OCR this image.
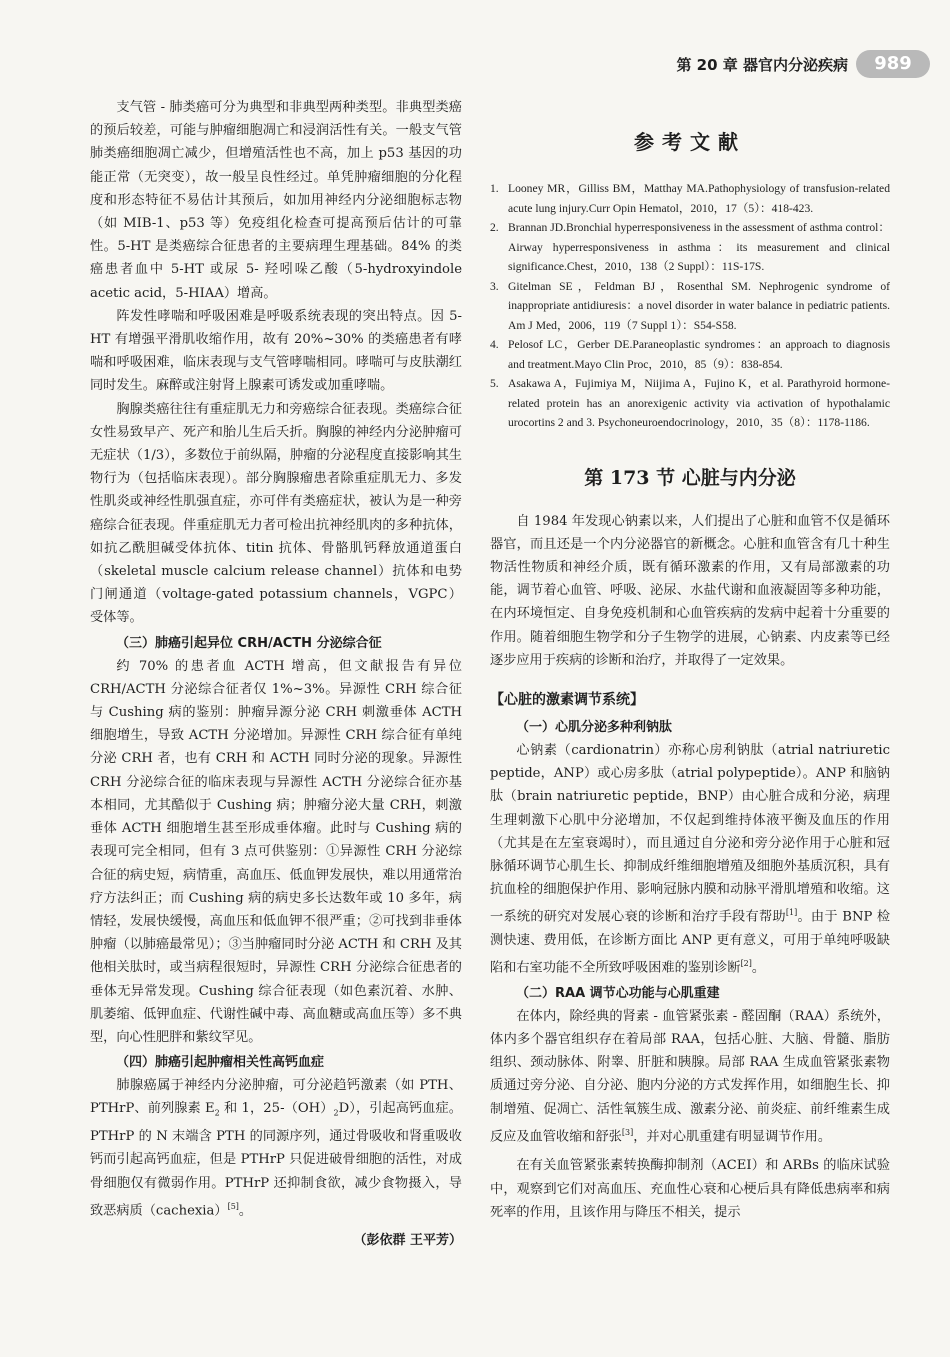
第 20 章 器官内分泌疾病	989

支气管 - 肺类癌可分为典型和非典型两种类型。非典型类癌的预后较差，可能与肿瘤细胞凋亡和浸润活性有关。一般支气管肺类癌细胞凋亡减少，但增殖活性也不高，加上 p53 基因的功能正常（无突变），故一般呈良性经过。单凭肿瘤细胞的分化程度和形态特征不易估计其预后，如加用神经内分泌细胞标志物（如 MIB-1、p53 等）免疫组化检查可提高预后估计的可靠性。5-HT 是类癌综合征患者的主要病理生理基础。84% 的类癌患者血中 5-HT 或尿 5- 羟吲哚乙酸（5-hydroxyindole acetic acid，5-HIAA）增高。

阵发性哮喘和呼吸困难是呼吸系统表现的突出特点。因 5-HT 有增强平滑肌收缩作用，故有 20%~30% 的类癌患者有哮喘和呼吸困难，临床表现与支气管哮喘相同。哮喘可与皮肤潮红同时发生。麻醉或注射肾上腺素可诱发或加重哮喘。

胸腺类癌往往有重症肌无力和旁癌综合征表现。类癌综合征女性易致早产、死产和胎儿生后夭折。胸腺的神经内分泌肿瘤可无症状（1/3），多数位于前纵隔，肿瘤的分泌程度直接影响其生物行为（包括临床表现）。部分胸腺瘤患者除重症肌无力、多发性肌炎或神经性肌强直症，亦可伴有类癌症状，被认为是一种旁癌综合征表现。伴重症肌无力者可检出抗神经肌肉的多种抗体，如抗乙酰胆碱受体抗体、titin 抗体、骨骼肌钙释放通道蛋白（skeletal muscle calcium release channel）抗体和电势门闸通道（voltage-gated potassium channels，VGPC）受体等。

（三）肺癌引起异位 CRH/ACTH 分泌综合征

约 70% 的患者血 ACTH 增高，但文献报告有异位 CRH/ACTH 分泌综合征者仅 1%~3%。异源性 CRH 综合征与 Cushing 病的鉴别：肿瘤异源分泌 CRH 刺激垂体 ACTH 细胞增生，导致 ACTH 分泌增加。异源性 CRH 综合征有单纯分泌 CRH 者，也有 CRH 和 ACTH 同时分泌的现象。异源性 CRH 分泌综合征的临床表现与异源性 ACTH 分泌综合征亦基本相同，尤其酷似于 Cushing 病；肿瘤分泌大量 CRH，刺激垂体 ACTH 细胞增生甚至形成垂体瘤。此时与 Cushing 病的表现可完全相同，但有 3 点可供鉴别：①异源性 CRH 分泌综合征的病史短，病情重，高血压、低血钾发展快，难以用通常治疗方法纠正；而 Cushing 病的病史多长达数年或 10 多年，病情轻，发展快缓慢，高血压和低血钾不很严重；②可找到非垂体肿瘤（以肺癌最常见）；③当肿瘤同时分泌 ACTH 和 CRH 及其他相关肽时，或当病程很短时，异源性 CRH 分泌综合征患者的垂体无异常发现。Cushing 综合征表现（如色素沉着、水肿、肌萎缩、低钾血症、代谢性碱中毒、高血糖或高血压等）多不典型，向心性肥胖和紫纹罕见。

（四）肺癌引起肿瘤相关性高钙血症

肺腺癌属于神经内分泌肿瘤，可分泌趋钙激素（如 PTH、PTHrP、前列腺素 $E_2$ 和 1，$25-(OH)_2D$），引起高钙血症。PTHrP 的 N 末端含 PTH 的同源序列，通过骨吸收和肾重吸收钙而引起高钙血症，但是 PTHrP 只促进破骨细胞的活性，对成骨细胞仅有微弱作用。PTHrP 还抑制食欲，减少食物摄入，导致恶病质（cachexia）[5]。

（彭依群 王平芳）
参考文献
1. Looney MR，Gilliss BM，Matthay MA.Pathophysiology of transfusion-related acute lung injury.Curr Opin Hematol，2010，17（5）：418-423.
2. Brannan JD.Bronchial hyperresponsiveness in the assessment of asthma control：Airway hyperresponsiveness in asthma：its measurement and clinical significance.Chest，2010，138（2 Suppl）：11S-17S.
3. Gitelman SE，Feldman BJ，Rosenthal SM. Nephrogenic syndrome of inappropriate antidiuresis：a novel disorder in water balance in pediatric patients. Am J Med，2006，119（7 Suppl 1）：S54-S58.
4. Pelosof LC，Gerber DE.Paraneoplastic syndromes：an approach to diagnosis and treatment.Mayo Clin Proc，2010，85（9）：838-854.
5. Asakawa A，Fujimiya M，Niijima A，Fujino K，et al. Parathyroid hormone-related protein has an anorexigenic activity via activation of hypothalamic urocortins 2 and 3. Psychoneuroendocrinology，2010，35（8）：1178-1186.
第 173 节 心脏与内分泌

自 1984 年发现心钠素以来，人们提出了心脏和血管不仅是循环器官，而且还是一个内分泌器官的新概念。心脏和血管含有几十种生物活性物质和神经介质，既有循环激素的作用，又有局部激素的功能，调节着心血管、呼吸、泌尿、水盐代谢和血液凝固等多种功能，在内环境恒定、自身免疫机制和心血管疾病的发病中起着十分重要的作用。随着细胞生物学和分子生物学的进展，心钠素、内皮素等已经逐步应用于疾病的诊断和治疗，并取得了一定效果。

【心脏的激素调节系统】
（一）心肌分泌多种利钠肽

心钠素（cardionatrin）亦称心房利钠肽（atrial natriuretic peptide，ANP）或心房多肽（atrial polypeptide）。ANP 和脑钠肽（brain natriuretic peptide，BNP）由心脏合成和分泌，病理生理刺激下心肌中分泌增加，不仅起到维持体液平衡及血压的作用（尤其是在左室衰竭时），而且通过自分泌和旁分泌作用于心脏和冠脉循环调节心肌生长、抑制成纤维细胞增殖及细胞外基质沉积，具有抗血栓的细胞保护作用、影响冠脉内膜和动脉平滑肌增殖和收缩。这一系统的研究对发展心衰的诊断和治疗手段有帮助[1]。由于 BNP 检测快速、费用低，在诊断方面比 ANP 更有意义，可用于单纯呼吸缺陷和右室功能不全所致呼吸困难的鉴别诊断[2]。

（二）RAA 调节心功能与心肌重建

在体内，除经典的肾素 - 血管紧张素 - 醛固酮（RAA）系统外，体内多个器官组织存在着局部 RAA，包括心脏、大脑、骨髓、脂肪组织、颈动脉体、附睾、肝脏和胰腺。局部 RAA 生成血管紧张素物质通过旁分泌、自分泌、胞内分泌的方式发挥作用，如细胞生长、抑制增殖、促凋亡、活性氧簇生成、激素分泌、前炎症、前纤维素生成反应及血管收缩和舒张[3]，并对心肌重建有明显调节作用。

在有关血管紧张素转换酶抑制剂（ACEI）和 ARBs 的临床试验中，观察到它们对高血压、充血性心衰和心梗后具有降低患病率和病死率的作用，且该作用与降压不相关，提示
